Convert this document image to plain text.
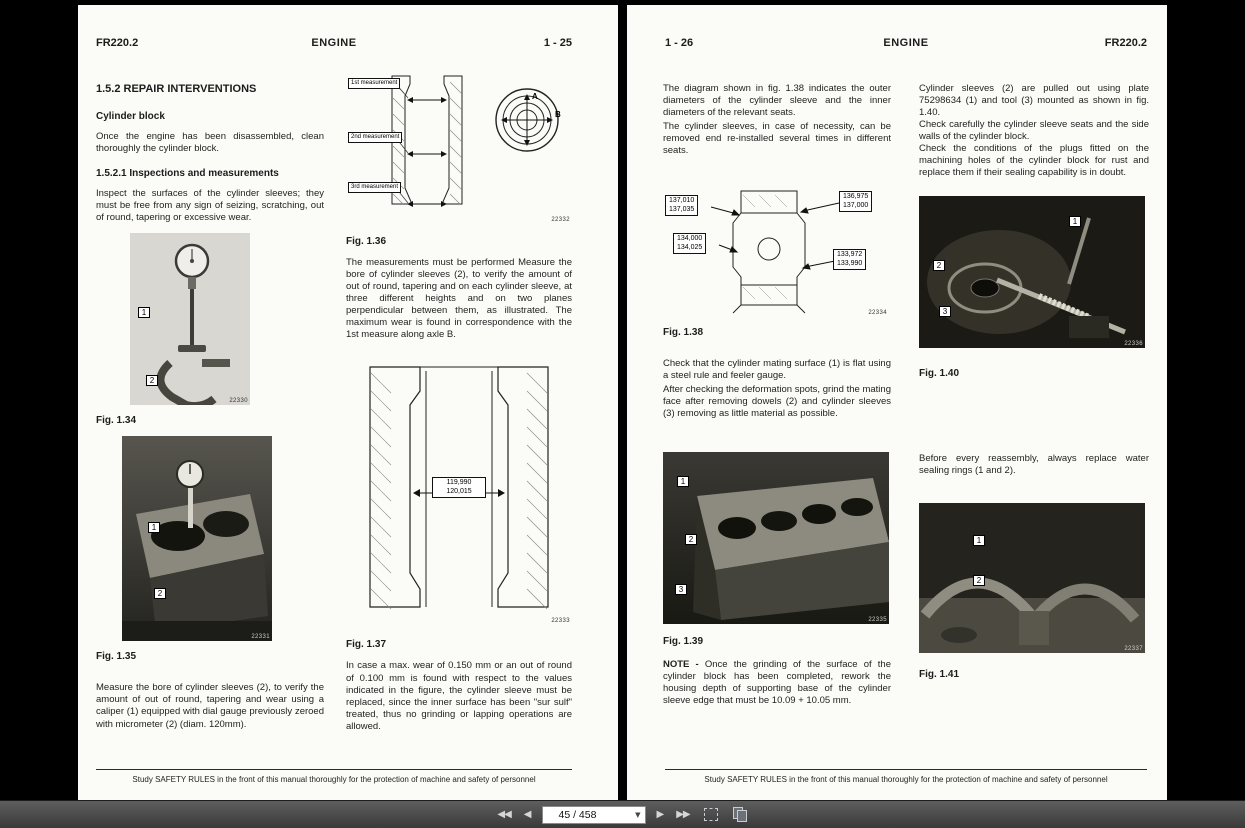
FR220.2	ENGINE	1 - 25
1.5.2 REPAIR INTERVENTIONS
Cylinder block

Once the engine has been disassembled, clean thoroughly the cylinder block.

1.5.2.1 Inspections and measurements

Inspect the surfaces of the cylinder sleeves; they must be free from any sign of seizing, scratching, out of round, tapering or excessive wear.

1
2
22330
Fig. 1.34
1
2
22331
Fig. 1.35

Measure the bore of cylinder sleeves (2), to verify the amount of out of round, tapering and wear using a caliper (1) equipped with dial gauge previously zeroed with micrometer (2) (diam. 120mm).

1st measurement
2nd measurement
3rd measurement
A
B
22332
Fig. 1.36

The measurements must be performed Measure the bore of cylinder sleeves (2), to verify the amount of out of round, tapering and on each cylinder sleeve, at three different heights and on two planes perpendicular between them, as illustrated. The maximum wear is found in correspondence with the 1st measure along axle B.

119,990
120,015
22333
Fig. 1.37

In case a max. wear of 0.150 mm or an out of round of 0.100 mm is found with respect to the values indicated in the figure, the cylinder sleeve must be replaced, since the inner surface has been "sur sulf" treated, thus no grinding or lapping operations are allowed.

Study SAFETY RULES in the front of this manual thoroughly for the protection of machine and safety of personnel
1 - 26	ENGINE	FR220.2

The diagram shown in fig. 1.38 indicates the outer diameters of the cylinder sleeve and the inner diameters of the relevant seats.

The cylinder sleeves, in case of necessity, can be removed end re-installed several times in different seats.

137,010
137,035
134,000
134,025
136,975
137,000
133,972
133,990
22334
Fig. 1.38

Check that the cylinder mating surface (1) is flat using a steel rule and feeler gauge.

After checking the deformation spots, grind the mating face after removing dowels (2) and cylinder sleeves (3) removing as little material as possible.

1
2
3
22335
Fig. 1.39

NOTE - Once the grinding of the surface of the cylinder block has been completed, rework the housing depth of supporting base of the cylinder sleeve edge that must be 10.09 + 10.05 mm.

Cylinder sleeves (2) are pulled out using plate 75298634 (1) and tool (3) mounted as shown in fig. 1.40.

Check carefully the cylinder sleeve seats and the side walls of the cylinder block.

Check the conditions of the plugs fitted on the machining holes of the cylinder block for rust and replace them if their sealing capability is in doubt.

1
2
3
22336
Fig. 1.40

Before every reassembly, always replace water sealing rings (1 and 2).

1
2
22337
Fig. 1.41
Study SAFETY RULES in the front of this manual thoroughly for the protection of machine and safety of personnel
◀◀ ◀	45 / 458	▼ ▶ ▶▶
